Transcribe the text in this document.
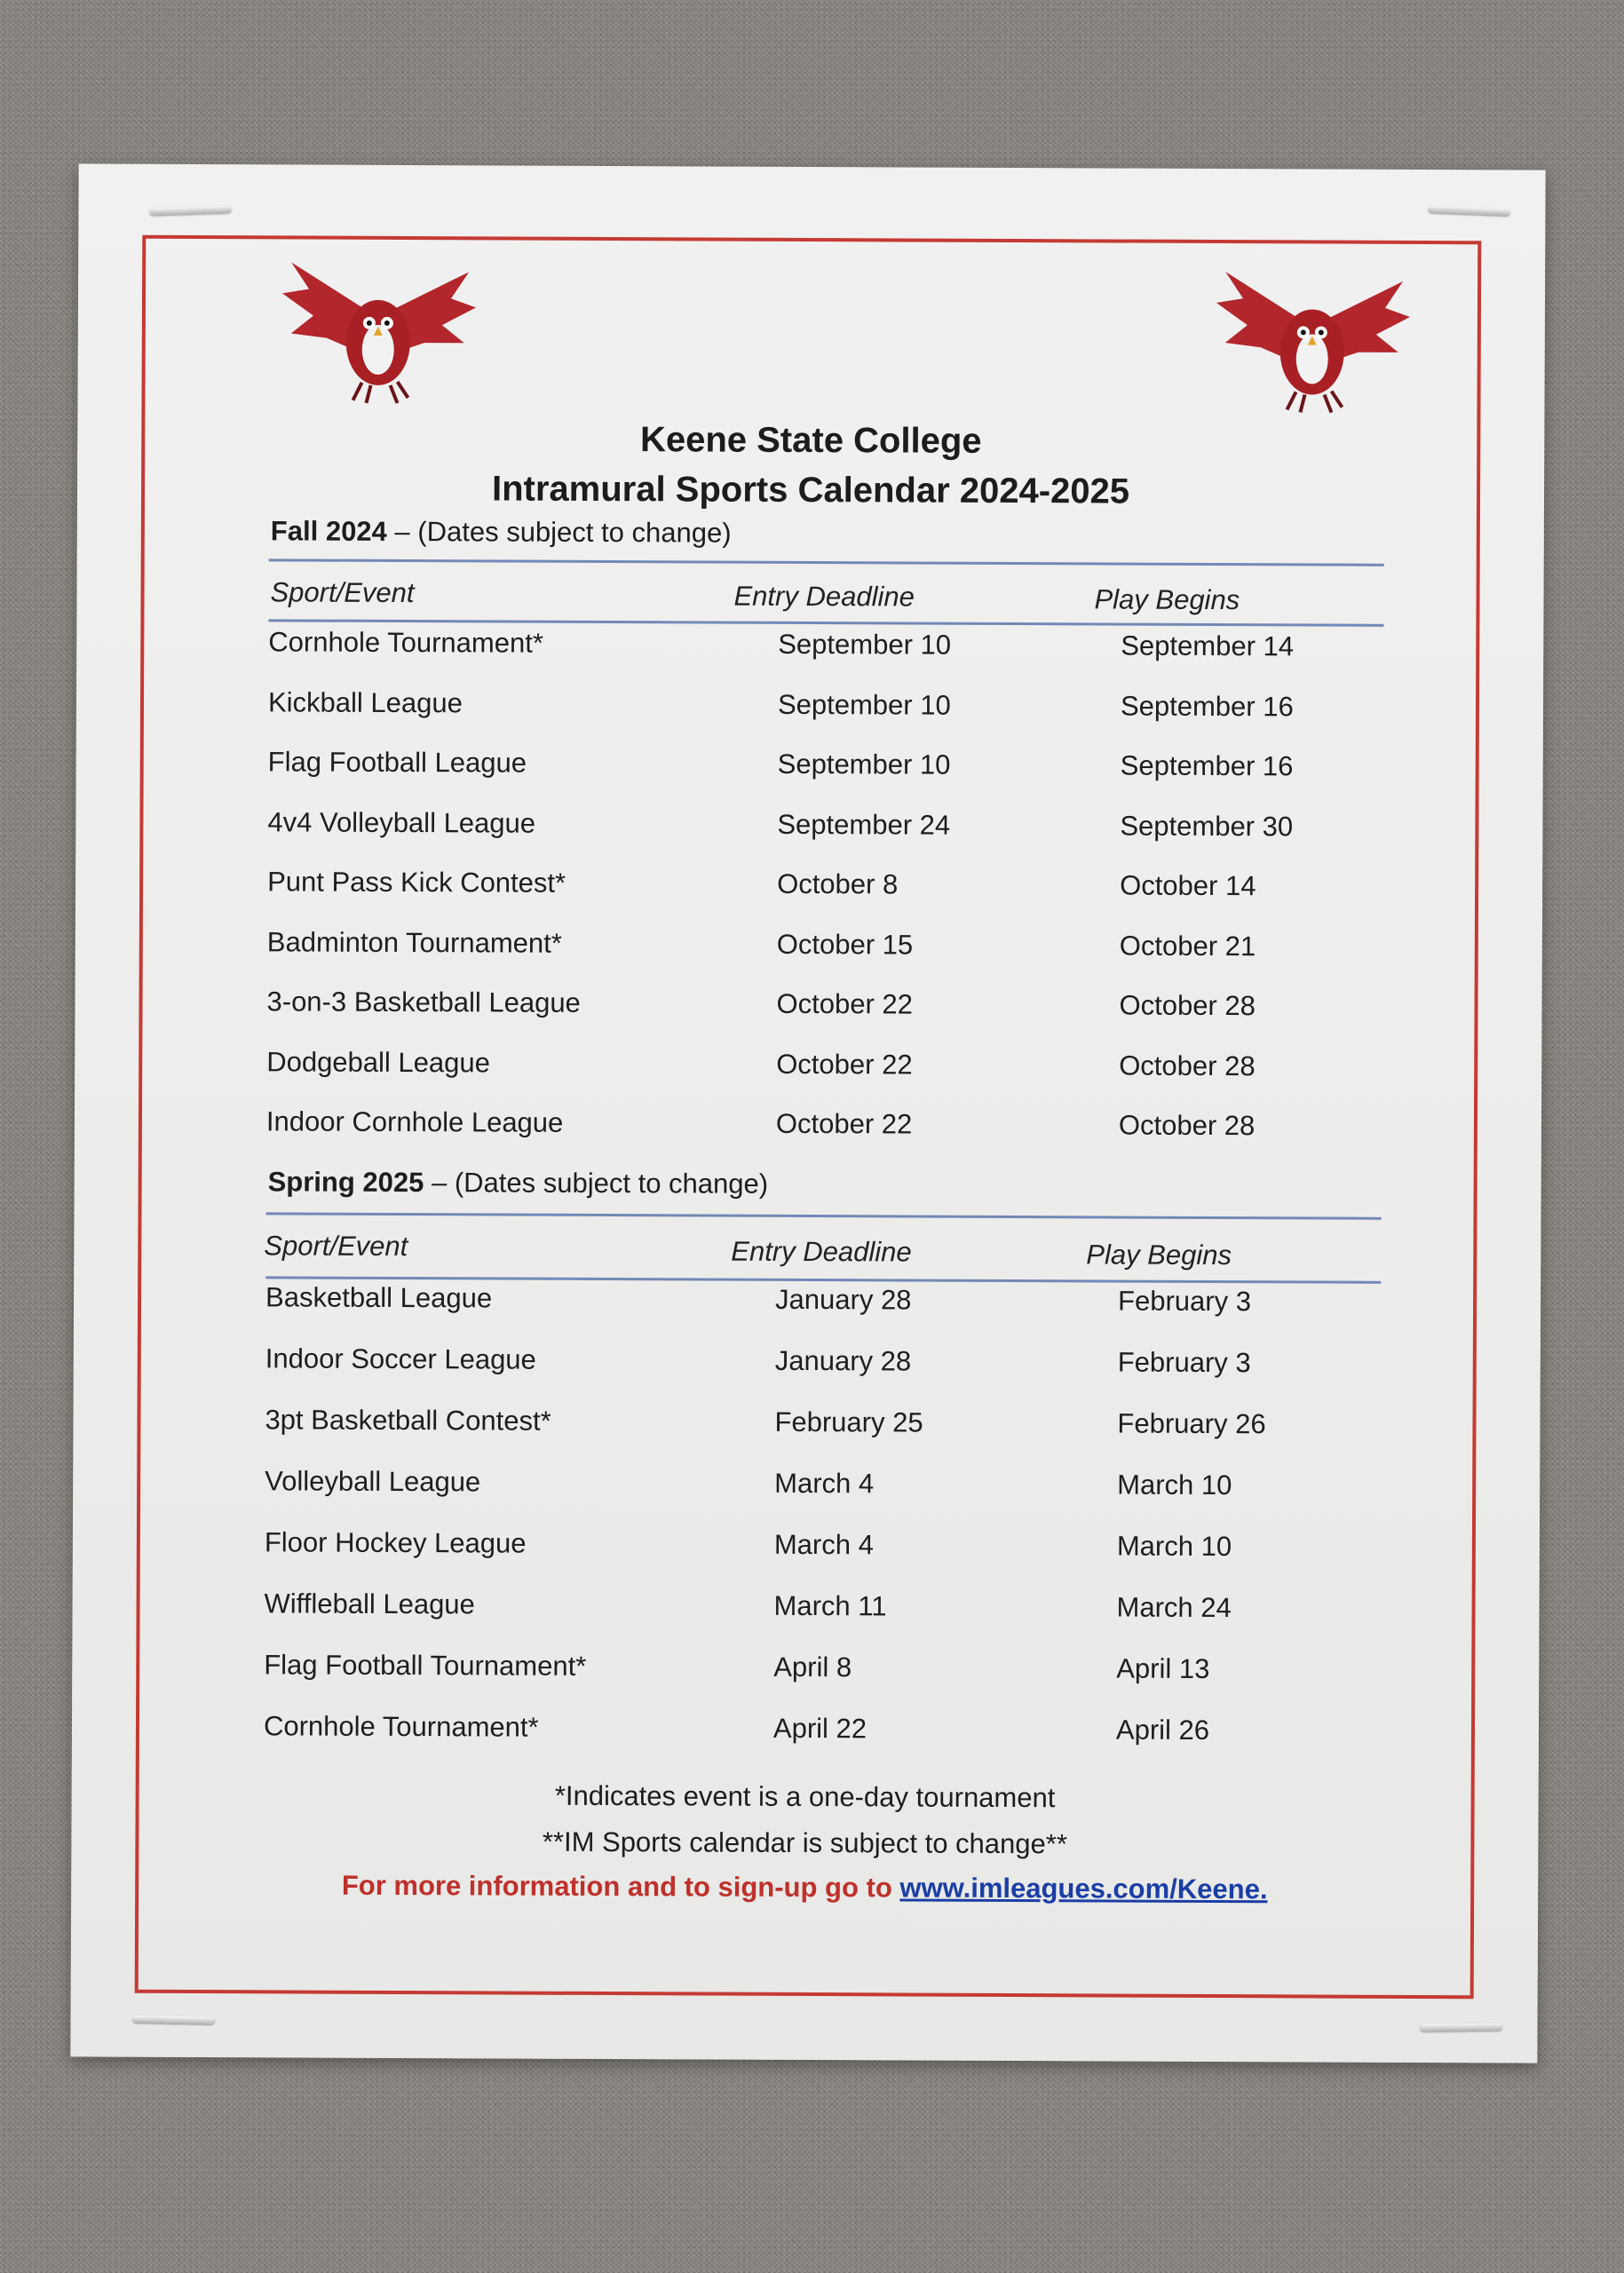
Keene State College
Intramural Sports Calendar 2024-2025
Fall 2024 – (Dates subject to change)
Sport/Event	Entry Deadline	Play Begins
Cornhole Tournament*	September 10	September 14
Kickball League	September 10	September 16
Flag Football League	September 10	September 16
4v4 Volleyball League	September 24	September 30
Punt Pass Kick Contest*	October 8	October 14
Badminton Tournament*	October 15	October 21
3-on-3 Basketball League	October 22	October 28
Dodgeball League	October 22	October 28
Indoor Cornhole League	October 22	October 28
Spring 2025 – (Dates subject to change)
Sport/Event	Entry Deadline	Play Begins
Basketball League	January 28	February 3
Indoor Soccer League	January 28	February 3
3pt Basketball Contest*	February 25	February 26
Volleyball League	March 4	March 10
Floor Hockey League	March 4	March 10
Wiffleball League	March 11	March 24
Flag Football Tournament*	April 8	April 13
Cornhole Tournament*	April 22	April 26
*Indicates event is a one-day tournament
**IM Sports calendar is subject to change**
For more information and to sign-up go to www.imleagues.com/Keene.
